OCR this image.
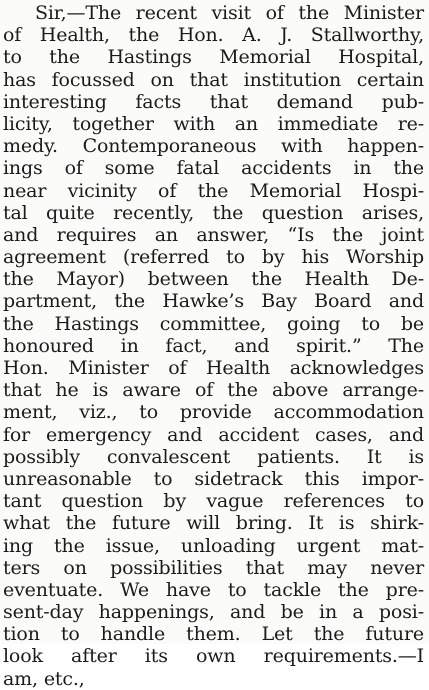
Sir,—The recent visit of the Minister
of Health, the Hon. A. J. Stallworthy,
to the Hastings Memorial Hospital,
has focussed on that institution certain
interesting facts that demand pub-
licity, together with an immediate re-
medy. Contemporaneous with happen-
ings of some fatal accidents in the
near vicinity of the Memorial Hospi-
tal quite recently, the question arises,
and requires an answer, “Is the joint
agreement (referred to by his Worship
the Mayor) between the Health De-
partment, the Hawke’s Bay Board and
the Hastings committee, going to be
honoured in fact, and spirit.” The
Hon. Minister of Health acknowledges
that he is aware of the above arrange-
ment, viz., to provide accommodation
for emergency and accident cases, and
possibly convalescent patients. It is
unreasonable to sidetrack this impor-
tant question by vague references to
what the future will bring. It is shirk-
ing the issue, unloading urgent mat-
ters on possibilities that may never
eventuate. We have to tackle the pre-
sent-day happenings, and be in a posi-
tion to handle them. Let the future
look after its own requirements.—I
am, etc.,
